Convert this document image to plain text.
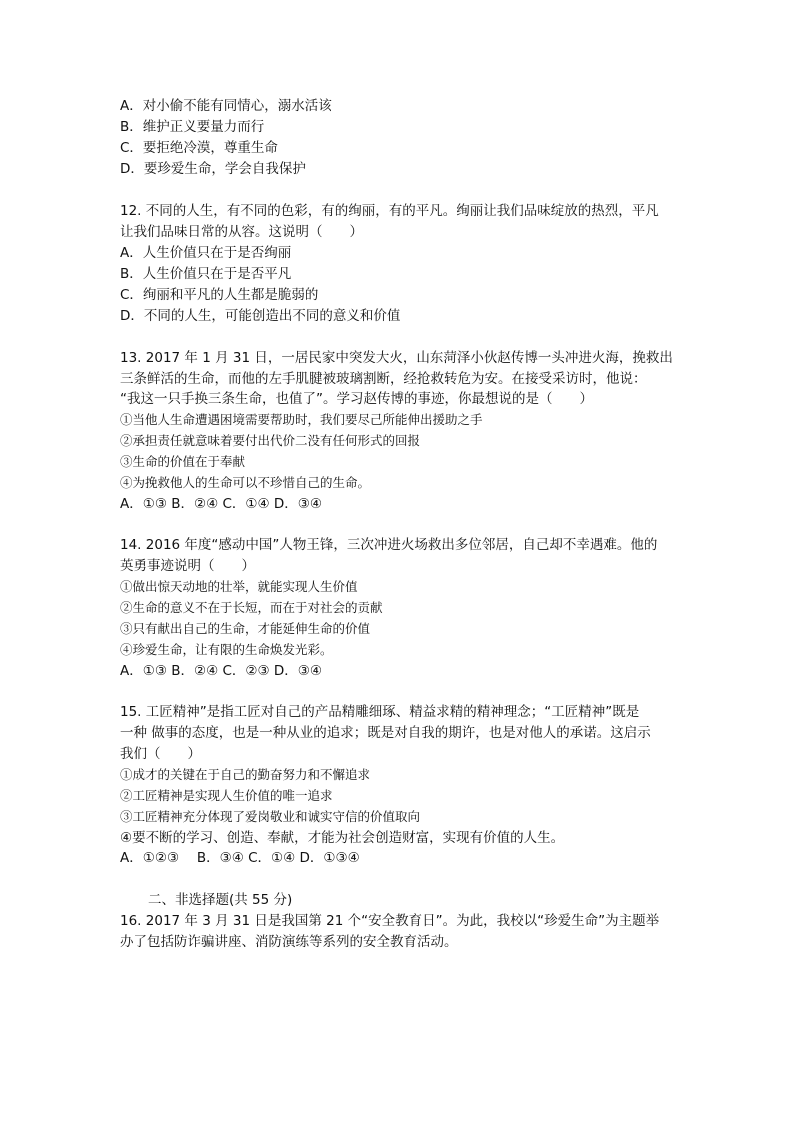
A．对小偷不能有同情心，溺水活该
B．维护正义要量力而行
C．要拒绝冷漠，尊重生命
D．要珍爱生命，学会自我保护
12. 不同的人生，有不同的色彩，有的绚丽，有的平凡。绚丽让我们品味绽放的热烈，平凡
让我们品味日常的从容。这说明（　　）
A．人生价值只在于是否绚丽
B．人生价值只在于是否平凡
C．绚丽和平凡的人生都是脆弱的
D．不同的人生，可能创造出不同的意义和价值
13. 2017 年 1 月 31 日，一居民家中突发大火，山东菏泽小伙赵传博一头冲进火海，挽救出
三条鲜活的生命，而他的左手肌腱被玻璃割断，经抢救转危为安。在接受采访时，他说：
“我这一只手换三条生命，也值了”。学习赵传博的事迹，你最想说的是（　　）
①当他人生命遭遇困境需要帮助时，我们要尽己所能伸出援助之手
②承担责任就意味着要付出代价二没有任何形式的回报
③生命的价值在于奉献
④为挽救他人的生命可以不珍惜自己的生命。
A．①③ B．②④ C．①④ D．③④
14. 2016 年度“感动中国”人物王锋，三次冲进火场救出多位邻居，自己却不幸遇难。他的
英勇事迹说明（　　）
①做出惊天动地的壮举，就能实现人生价值
②生命的意义不在于长短，而在于对社会的贡献
③只有献出自己的生命，才能延伸生命的价值
④珍爱生命，让有限的生命焕发光彩。
A．①③ B．②④ C．②③ D．③④
15. 工匠精神”是指工匠对自己的产品精雕细琢、精益求精的精神理念；“工匠精神”既是
一种 做事的态度，也是一种从业的追求；既是对自我的期许，也是对他人的承诺。这启示
我们（　　）
①成才的关键在于自己的勤奋努力和不懈追求
②工匠精神是实现人生价值的唯一追求
③工匠精神充分体现了爱岗敬业和诚实守信的价值取向
④要不断的学习、创造、奉献，才能为社会创造财富，实现有价值的人生。
A．①②③　 B．③④ C．①④ D．①③④
二、非选择题(共 55 分)
16. 2017 年 3 月 31 日是我国第 21 个“安全教育日”。为此，我校以“珍爱生命”为主题举
办了包括防诈骗讲座、消防演练等系列的安全教育活动。
